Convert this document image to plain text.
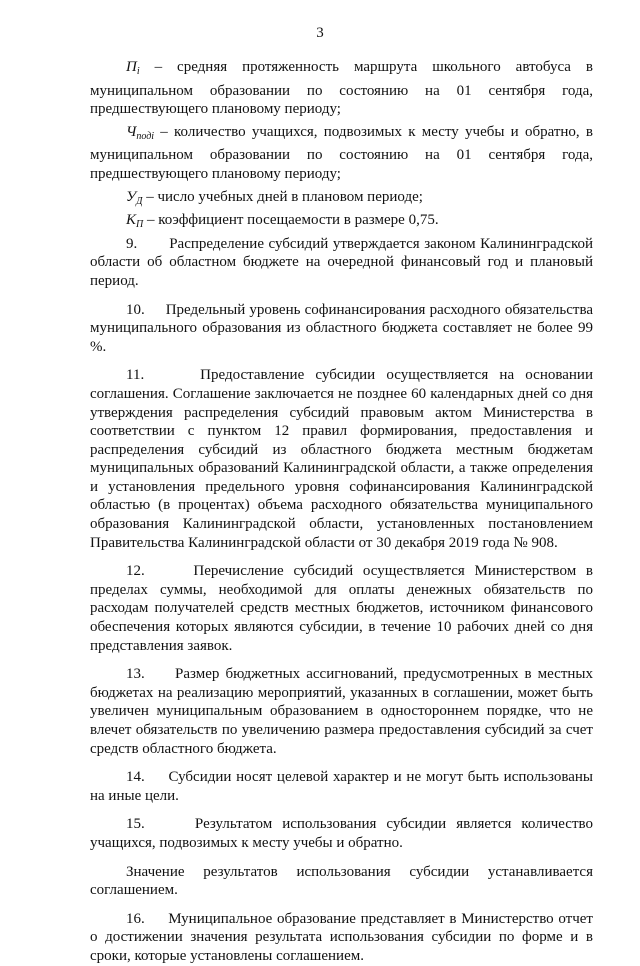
3

$П_i$ – средняя протяженность маршрута школьного автобуса в муниципальном образовании по состоянию на 01 сентября года, предшествующего плановому периоду;

$Ч_{подi}$ – количество учащихся, подвозимых к месту учебы и обратно, в муниципальном образовании по состоянию на 01 сентября года, предшествующего плановому периоду;

$У_Д$ – число учебных дней в плановом периоде;

$К_П$ – коэффициент посещаемости в размере 0,75.

9.       Распределение субсидий утверждается законом Калининградской области об областном бюджете на очередной финансовый год и плановый период.

10.     Предельный уровень софинансирования расходного обязательства муниципального образования из областного бюджета составляет не более 99 %.

11.     Предоставление субсидии осуществляется на основании соглашения. Соглашение заключается не позднее 60 календарных дней со дня утверждения распределения субсидий правовым актом Министерства в соответствии с пунктом 12 правил формирования, предоставления и распределения субсидий из областного бюджета местным бюджетам муниципальных образований Калининградской области, а также определения и установления предельного уровня софинансирования Калининградской областью (в процентах) объема расходного обязательства муниципального образования Калининградской области, установленных постановлением Правительства Калининградской области от 30 декабря 2019 года № 908.

12.     Перечисление субсидий осуществляется Министерством в пределах суммы, необходимой для оплаты денежных обязательств по расходам получателей средств местных бюджетов, источником финансового обеспечения которых являются субсидии, в течение 10 рабочих дней со дня представления заявок.

13.     Размер бюджетных ассигнований, предусмотренных в местных бюджетах на реализацию мероприятий, указанных в соглашении, может быть увеличен муниципальным образованием в одностороннем порядке, что не влечет обязательств по увеличению размера предоставления субсидий за счет средств областного бюджета.

14.     Субсидии носят целевой характер и не могут быть использованы на иные цели.

15.     Результатом использования субсидии является количество учащихся, подвозимых к месту учебы и обратно.

Значение результатов использования субсидии устанавливается соглашением.

16.     Муниципальное образование представляет в Министерство отчет о достижении значения результата использования субсидии по форме и в сроки, которые установлены соглашением.
